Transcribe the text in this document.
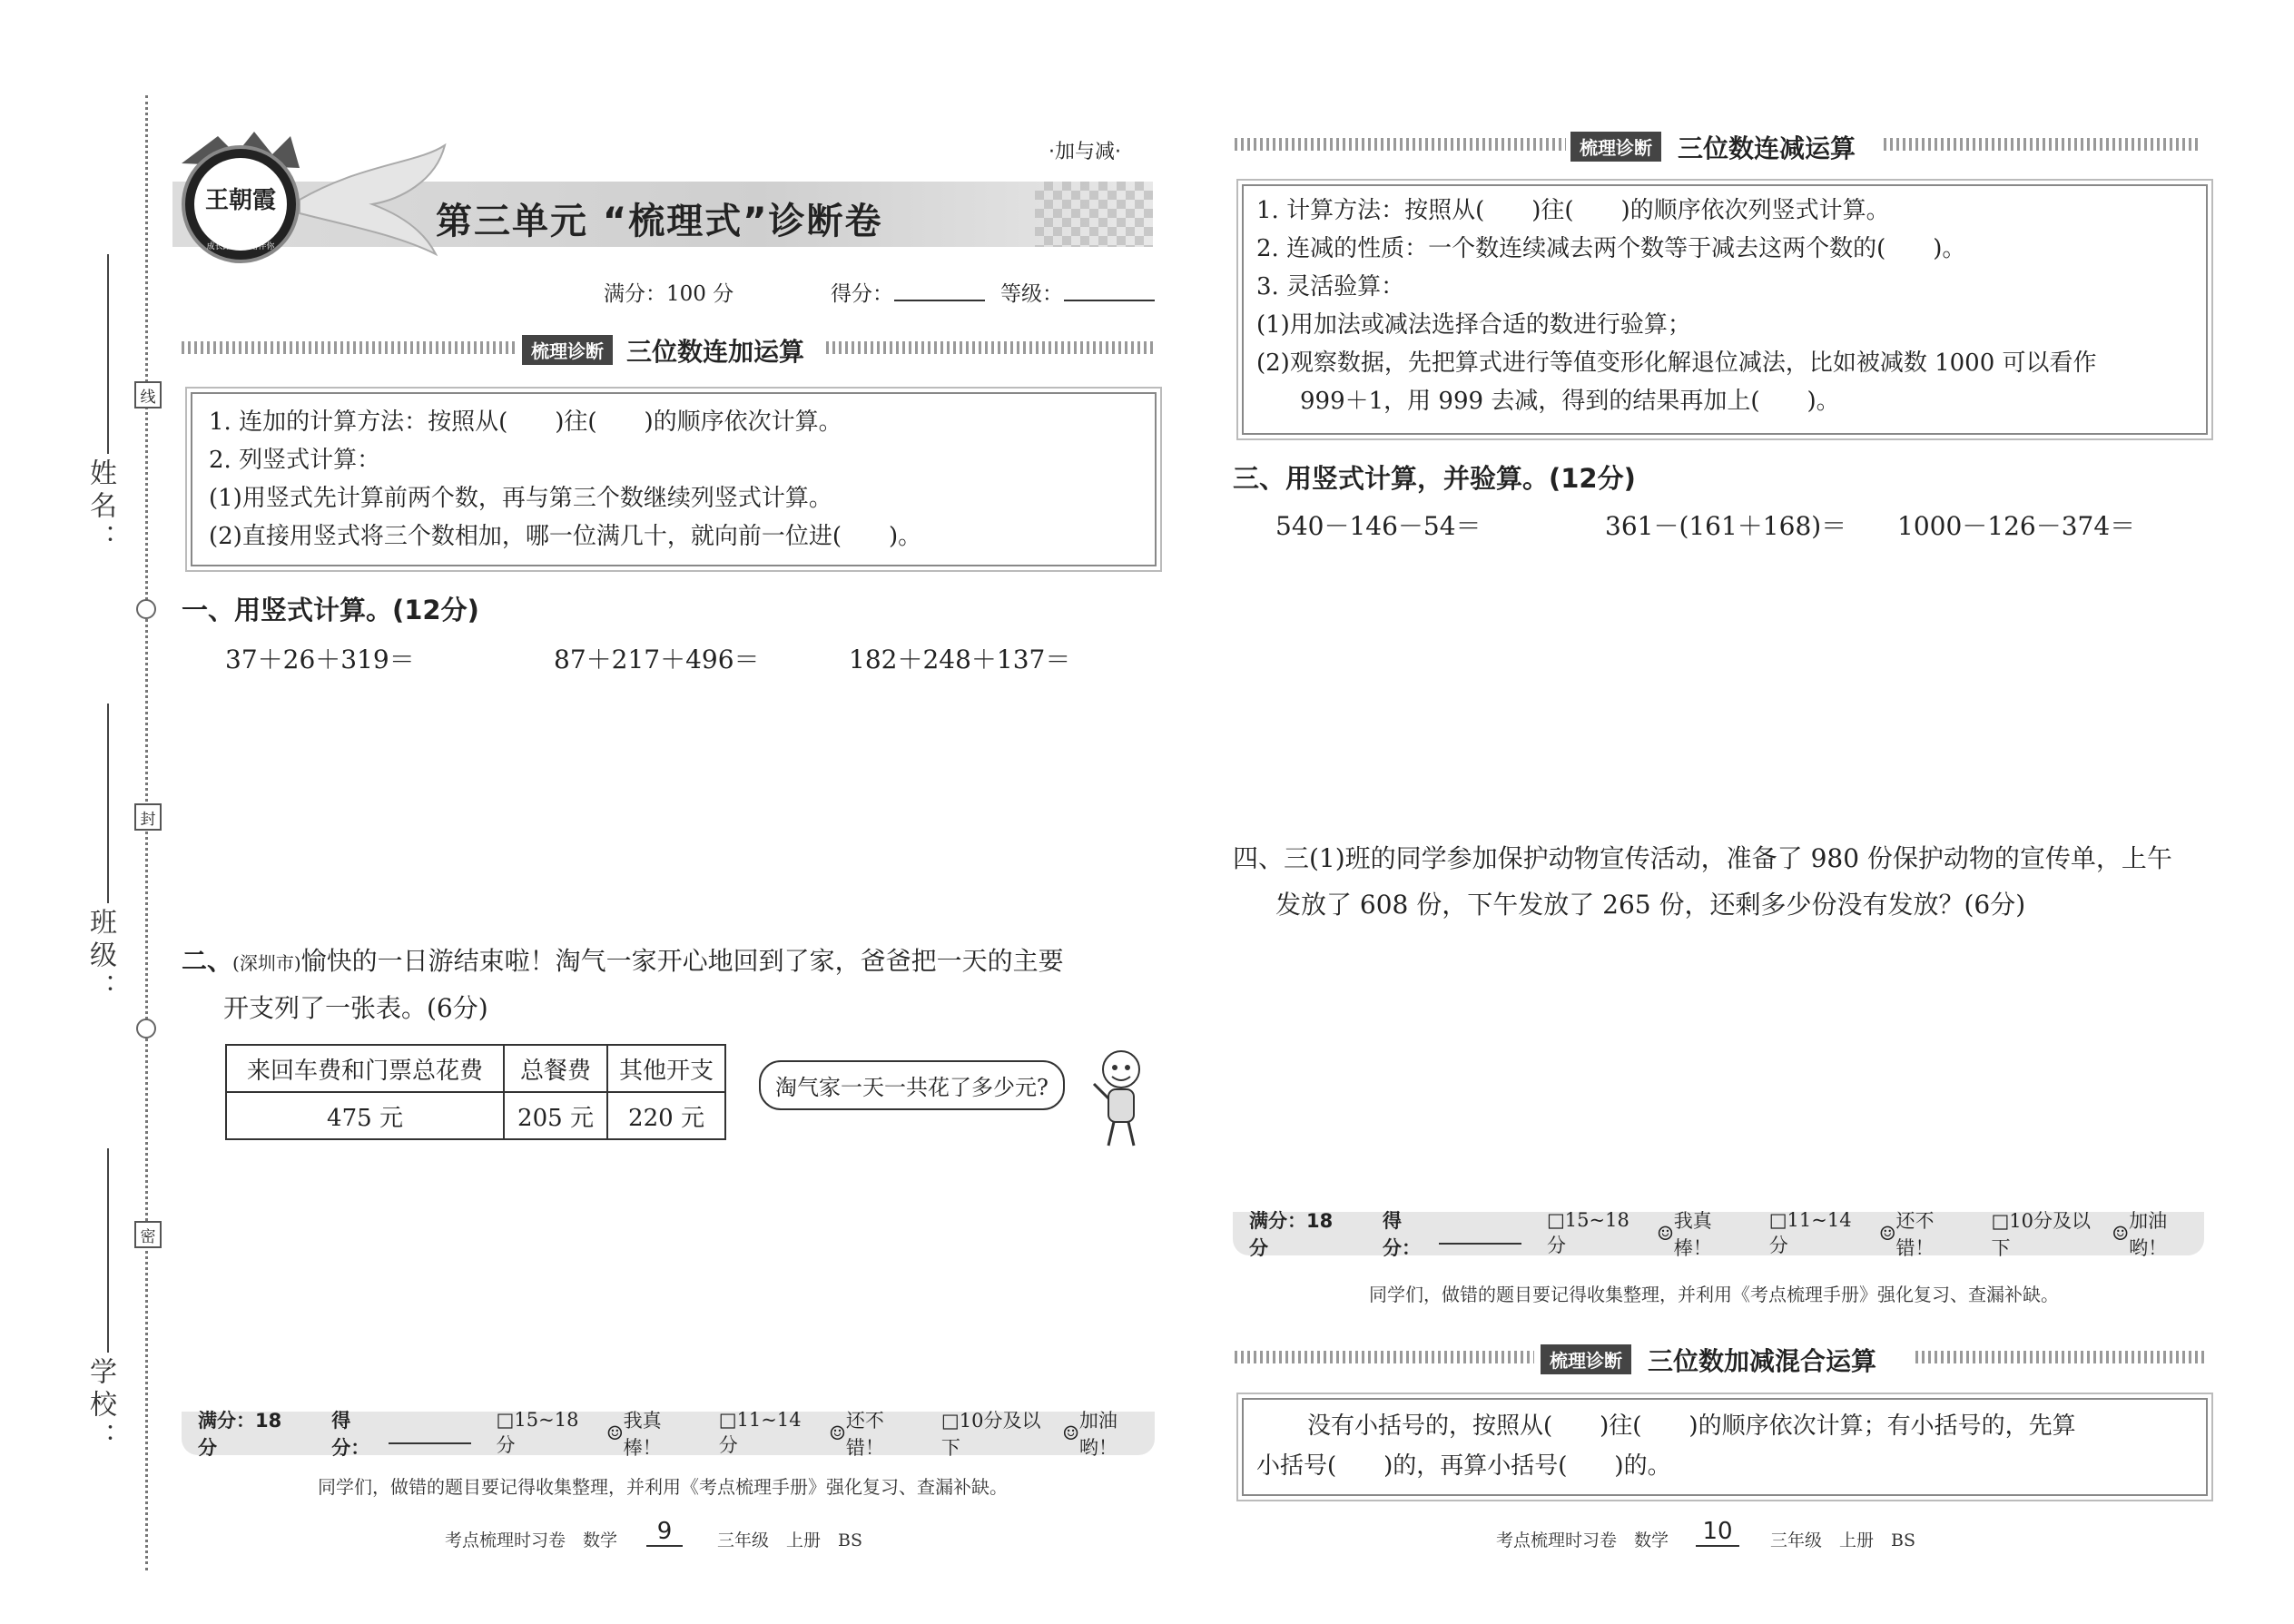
线
封
密
姓名：
班级：
学校：
王朝霞
成长路上 一路伴你
·加与减·
第三单元 “梳理式”诊断卷
满分：100 分	得分：	等级：
梳理诊断 三位数连加运算
1. 连加的计算方法：按照从(　　)往(　　)的顺序依次计算。
2. 列竖式计算：
(1)用竖式先计算前两个数，再与第三个数继续列竖式计算。
(2)直接用竖式将三个数相加，哪一位满几十，就向前一位进(　　)。
一、用竖式计算。(12分)
37＋26＋319＝	87＋217＋496＝	182＋248＋137＝
二、(深圳市)愉快的一日游结束啦！淘气一家开心地回到了家，爸爸把一天的主要
开支列了一张表。(6分)
来回车费和门票总花费	总餐费	其他开支
475 元	205 元	220 元
淘气家一天一共花了多少元?
满分：18 分
得分：
□15~18 分
☺
我真棒！
□11~14 分
☺
还不错！
□10分及以下
☺
加油哟！
同学们，做错的题目要记得收集整理，并利用《考点梳理手册》强化复习、查漏补缺。
考点梳理时习卷　数学	9	三年级　上册　BS
梳理诊断	三位数连减运算
1. 计算方法：按照从(　　)往(　　)的顺序依次列竖式计算。
2. 连减的性质：一个数连续减去两个数等于减去这两个数的(　　)。
3. 灵活验算：
(1)用加法或减法选择合适的数进行验算；
(2)观察数据，先把算式进行等值变形化解退位减法，比如被减数 1000 可以看作
999＋1，用 999 去减，得到的结果再加上(　　)。
三、用竖式计算，并验算。(12分)
540－146－54＝	361－(161＋168)＝ 1000－126－374＝
四、三(1)班的同学参加保护动物宣传活动，准备了 980 份保护动物的宣传单，上午
发放了 608 份，下午发放了 265 份，还剩多少份没有发放？(6分)
满分：18 分
得分：
□15~18 分
☺
我真棒！
□11~14 分
☺
还不错！
□10分及以下
☺
加油哟！
同学们，做错的题目要记得收集整理，并利用《考点梳理手册》强化复习、查漏补缺。
梳理诊断	三位数加减混合运算
没有小括号的，按照从(　　)往(　　)的顺序依次计算；有小括号的，先算
小括号(　　)的，再算小括号(　　)的。
考点梳理时习卷　数学 10	三年级　上册　BS
